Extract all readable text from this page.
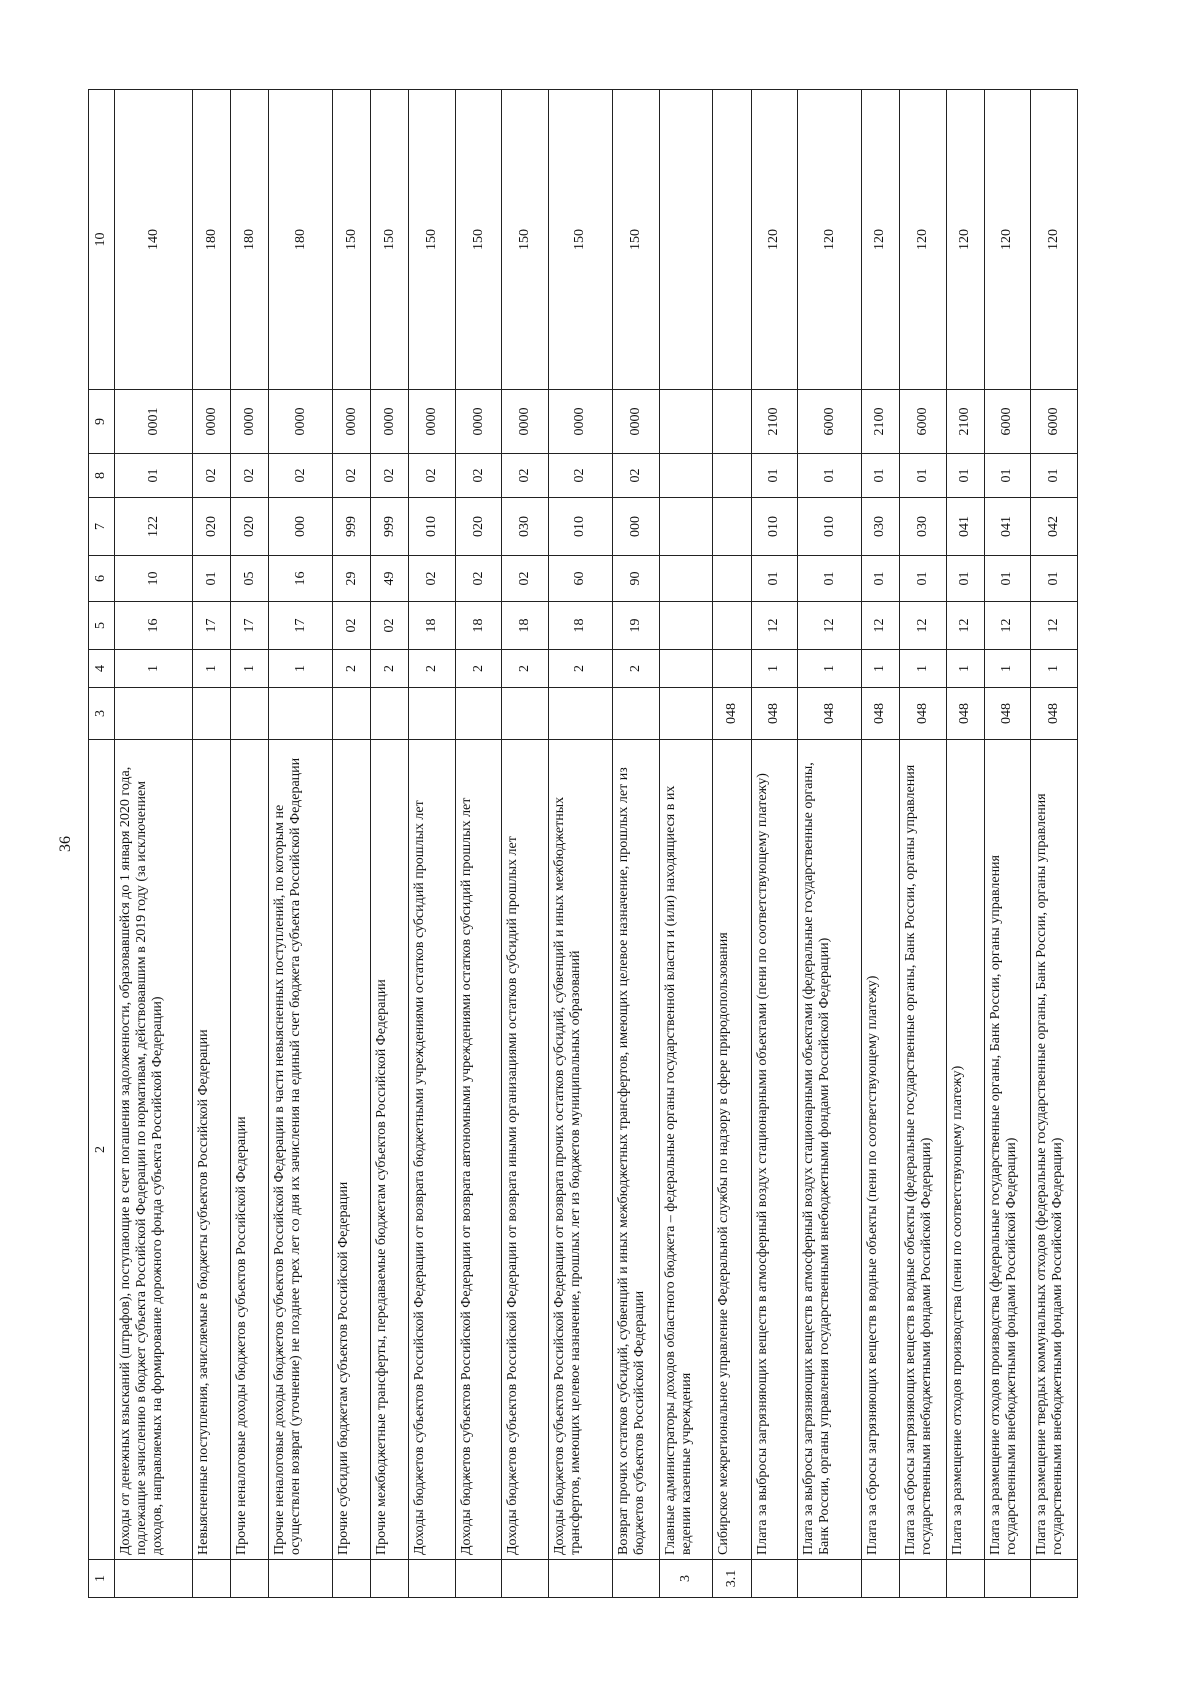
36
1	2	3	4	5	6	7	8	9	10
	Доходы от денежных взысканий (штрафов), поступающие в счет погашения задолженности, образовавшейся до 1 января 2020 года, подлежащие зачислению в бюджет субъекта Российской Федерации по нормативам, действовавшим в 2019 году (за исключением доходов, направляемых на формирование дорожного фонда субъекта Российской Федерации)		1	16	10	122	01	0001	140
	Невыясненные поступления, зачисляемые в бюджеты субъектов Российской Федерации		1	17	01	020	02	0000	180
	Прочие неналоговые доходы бюджетов субъектов Российской Федерации		1	17	05	020	02	0000	180
	Прочие неналоговые доходы бюджетов субъектов Российской Федерации в части невыясненных поступлений, по которым не осуществлен возврат (уточнение) не позднее трех лет со дня их зачисления на единый счет бюджета субъекта Российской Федерации		1	17	16	000	02	0000	180
	Прочие субсидии бюджетам субъектов Российской Федерации		2	02	29	999	02	0000	150
	Прочие межбюджетные трансферты, передаваемые бюджетам субъектов Российской Федерации		2	02	49	999	02	0000	150
	Доходы бюджетов субъектов Российской Федерации от возврата бюджетными учреждениями остатков субсидий прошлых лет		2	18	02	010	02	0000	150
	Доходы бюджетов субъектов Российской Федерации от возврата автономными учреждениями остатков субсидий прошлых лет		2	18	02	020	02	0000	150
	Доходы бюджетов субъектов Российской Федерации от возврата иными организациями остатков субсидий прошлых лет		2	18	02	030	02	0000	150
	Доходы бюджетов субъектов Российской Федерации от возврата прочих остатков субсидий, субвенций и иных межбюджетных трансфертов, имеющих целевое назначение, прошлых лет из бюджетов муниципальных образований		2	18	60	010	02	0000	150
	Возврат прочих остатков субсидий, субвенций и иных межбюджетных трансфертов, имеющих целевое назначение, прошлых лет из бюджетов субъектов Российской Федерации		2	19	90	000	02	0000	150
3	Главные администраторы доходов областного бюджета – федеральные органы государственной власти и (или) находящиеся в их ведении казенные учреждения								
3.1	Сибирское межрегиональное управление Федеральной службы по надзору в сфере природопользования	048							
	Плата за выбросы загрязняющих веществ в атмосферный воздух стационарными объектами (пени по соответствующему платежу)	048	1	12	01	010	01	2100	120
	Плата за выбросы загрязняющих веществ в атмосферный воздух стационарными объектами (федеральные государственные органы, Банк России, органы управления государственными внебюджетными фондами Российской Федерации)	048	1	12	01	010	01	6000	120
	Плата за сбросы загрязняющих веществ в водные объекты (пени по соответствующему платежу)	048	1	12	01	030	01	2100	120
	Плата за сбросы загрязняющих веществ в водные объекты (федеральные государственные органы, Банк России, органы управления государственными внебюджетными фондами Российской Федерации)	048	1	12	01	030	01	6000	120
	Плата за размещение отходов производства (пени по соответствующему платежу)	048	1	12	01	041	01	2100	120
	Плата за размещение отходов производства (федеральные государственные органы, Банк России, органы управления государственными внебюджетными фондами Российской Федерации)	048	1	12	01	041	01	6000	120
	Плата за размещение твердых коммунальных отходов (федеральные государственные органы, Банк России, органы управления государственными внебюджетными фондами Российской Федерации)	048	1	12	01	042	01	6000	120
